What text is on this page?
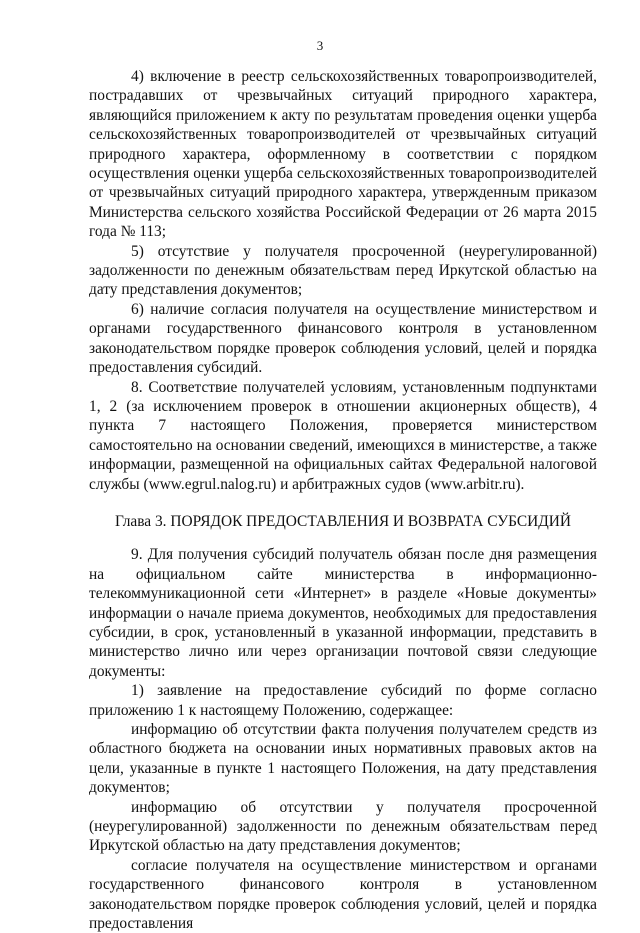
3

4) включение в реестр сельскохозяйственных товаропроизводителей, пострадавших от чрезвычайных ситуаций природного характера, являющийся приложением к акту по результатам проведения оценки ущерба сельскохозяйственных товаропроизводителей от чрезвычайных ситуаций природного характера, оформленному в соответствии с порядком осуществления оценки ущерба сельскохозяйственных товаропроизводителей от чрезвычайных ситуаций природного характера, утвержденным приказом Министерства сельского хозяйства Российской Федерации от 26 марта 2015 года № 113;

5) отсутствие у получателя просроченной (неурегулированной) задолженности по денежным обязательствам перед Иркутской областью на дату представления документов;

6) наличие согласия получателя на осуществление министерством и органами государственного финансового контроля в установленном законодательством порядке проверок соблюдения условий, целей и порядка предоставления субсидий.

8. Соответствие получателей условиям, установленным подпунктами 1, 2 (за исключением проверок в отношении акционерных обществ), 4 пункта 7 настоящего Положения, проверяется министерством самостоятельно на основании сведений, имеющихся в министерстве, а также информации, размещенной на официальных сайтах Федеральной налоговой службы (www.egrul.nalog.ru) и арбитражных судов (www.arbitr.ru).

Глава 3. ПОРЯДОК ПРЕДОСТАВЛЕНИЯ И ВОЗВРАТА СУБСИДИЙ

9. Для получения субсидий получатель обязан после дня размещения на официальном сайте министерства в информационно-телекоммуникационной сети «Интернет» в разделе «Новые документы» информации о начале приема документов, необходимых для предоставления субсидии, в срок, установленный в указанной информации, представить в министерство лично или через организации почтовой связи следующие документы:

1) заявление на предоставление субсидий по форме согласно приложению 1 к настоящему Положению, содержащее:

информацию об отсутствии факта получения получателем средств из областного бюджета на основании иных нормативных правовых актов на цели, указанные в пункте 1 настоящего Положения, на дату представления документов;

информацию об отсутствии у получателя просроченной (неурегулированной) задолженности по денежным обязательствам перед Иркутской областью на дату представления документов;

согласие получателя на осуществление министерством и органами государственного финансового контроля в установленном законодательством порядке проверок соблюдения условий, целей и порядка предоставления
